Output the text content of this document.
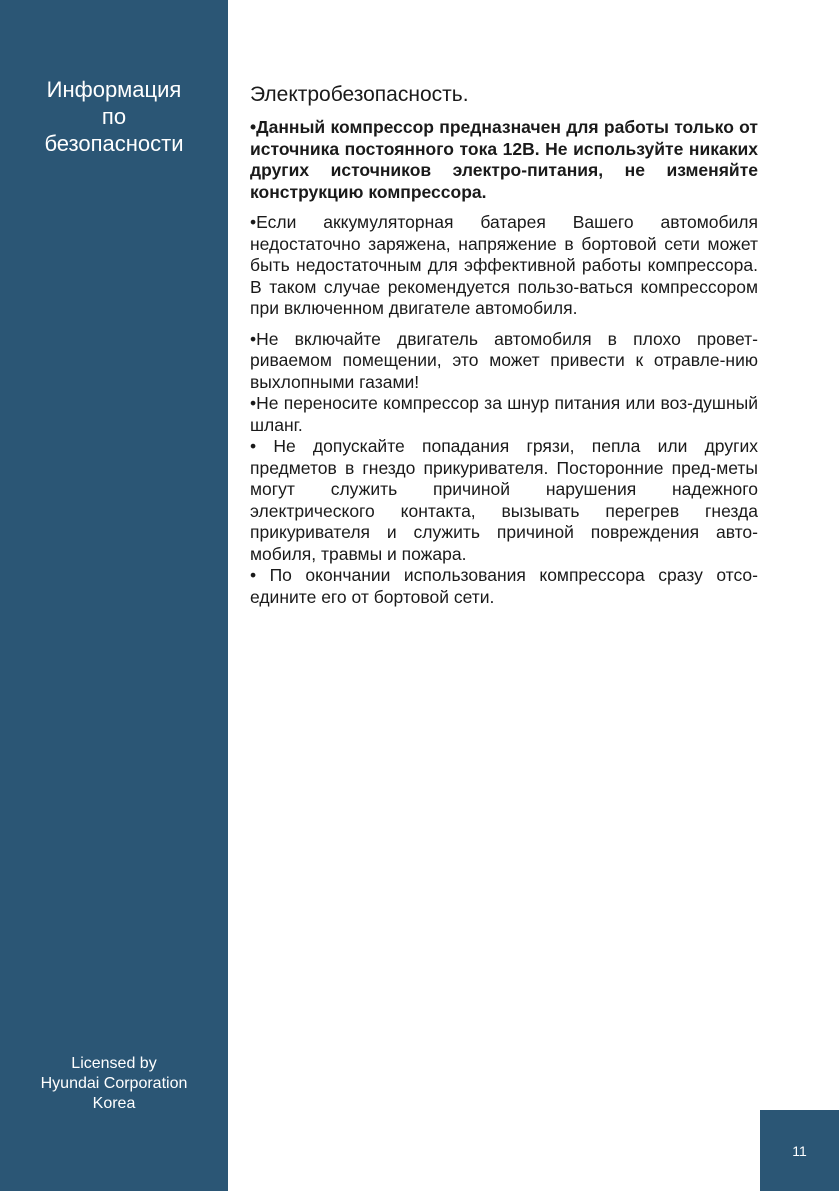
Информация
по
безопасности
Licensed by
Hyundai Corporation
Korea
Электробезопасность.

•Данный компрессор предназначен для работы только от источника постоянного тока 12В. Не используйте никаких других источников электро-питания, не изменяйте конструкцию компрессора.

•Если аккумуляторная батарея Вашего автомобиля недостаточно заряжена, напряжение в бортовой сети может быть недостаточным для эффективной работы компрессора. В таком случае рекомендуется пользо-ваться компрессором при включенном двигателе автомобиля.

•Не включайте двигатель автомобиля в плохо провет-риваемом помещении, это может привести к отравле-нию выхлопными газами!

•Не переносите компрессор за шнур питания или воз-душный шланг.

• Не допускайте попадания грязи, пепла или других предметов в гнездо прикуривателя. Посторонние пред-меты могут служить причиной нарушения надежного электрического контакта, вызывать перегрев гнезда прикуривателя и служить причиной повреждения авто-мобиля, травмы и пожара.

• По окончании использования компрессора сразу отсо-едините его от бортовой сети.

11
